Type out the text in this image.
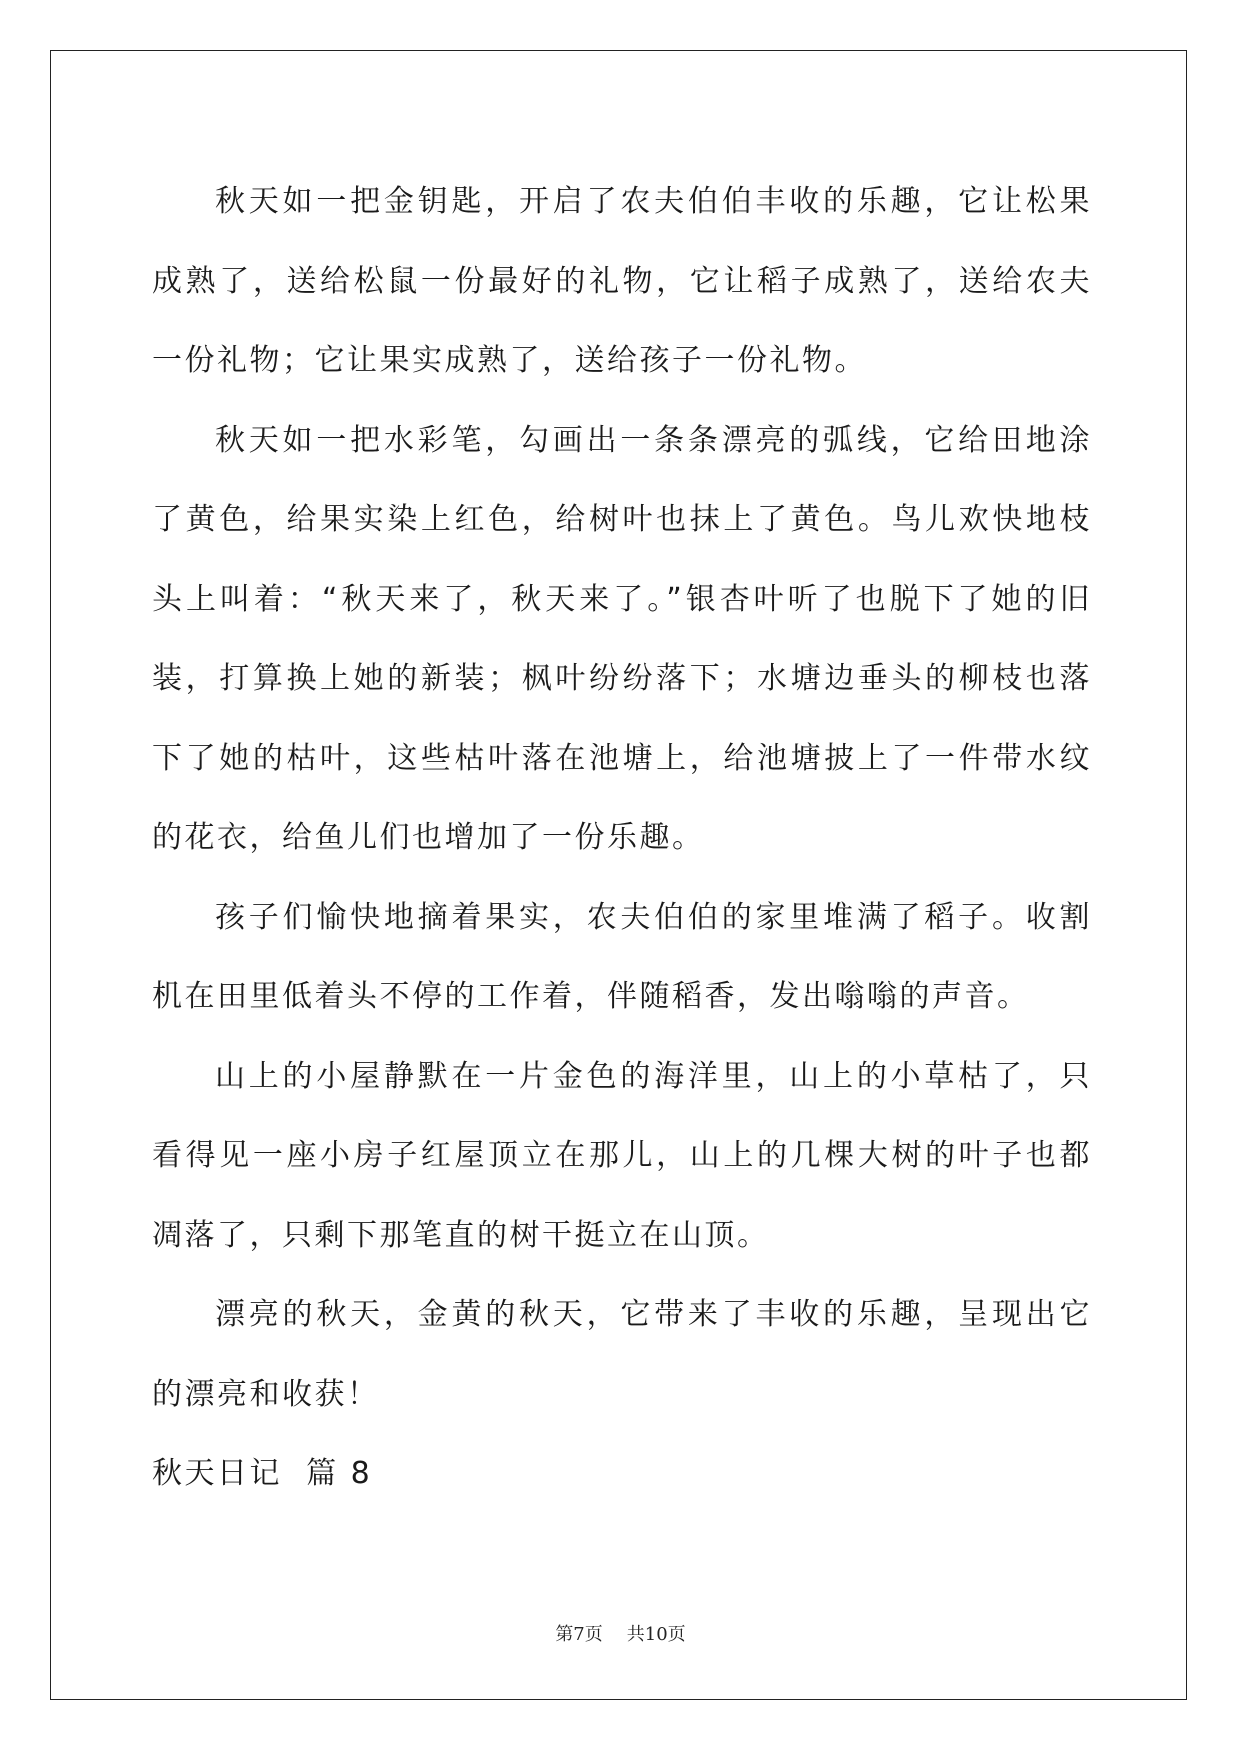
秋天如一把金钥匙，开启了农夫伯伯丰收的乐趣，它让松果成熟了，送给松鼠一份最好的礼物，它让稻子成熟了，送给农夫一份礼物；它让果实成熟了，送给孩子一份礼物。

秋天如一把水彩笔，勾画出一条条漂亮的弧线，它给田地涂了黄色，给果实染上红色，给树叶也抹上了黄色。鸟儿欢快地枝头上叫着：“秋天来了，秋天来了。”银杏叶听了也脱下了她的旧装，打算换上她的新装；枫叶纷纷落下；水塘边垂头的柳枝也落下了她的枯叶，这些枯叶落在池塘上，给池塘披上了一件带水纹的花衣，给鱼儿们也增加了一份乐趣。

孩子们愉快地摘着果实，农夫伯伯的家里堆满了稻子。收割机在田里低着头不停的工作着，伴随稻香，发出嗡嗡的声音。

山上的小屋静默在一片金色的海洋里，山上的小草枯了，只看得见一座小房子红屋顶立在那儿，山上的几棵大树的叶子也都凋落了，只剩下那笔直的树干挺立在山顶。

漂亮的秋天，金黄的秋天，它带来了丰收的乐趣，呈现出它的漂亮和收获！

秋天日记  篇 8

第7页 共10页
